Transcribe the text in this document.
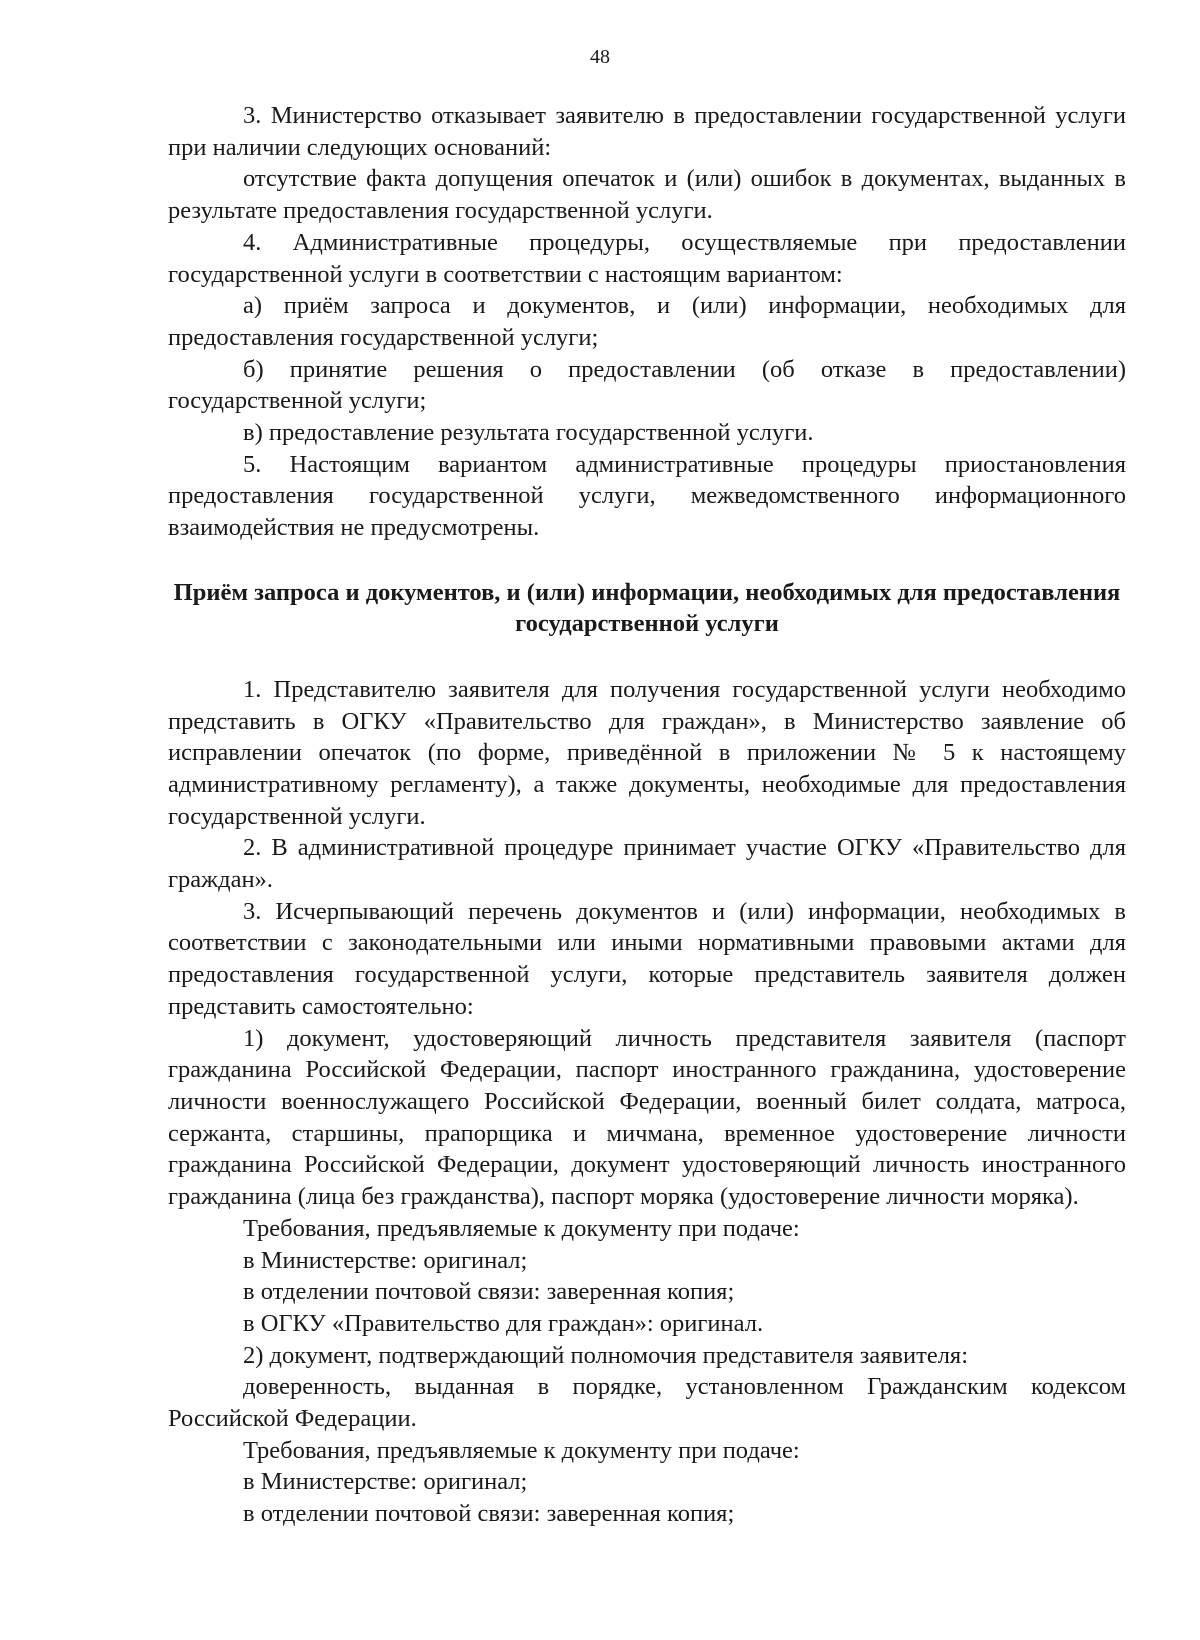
48

3. Министерство отказывает заявителю в предоставлении государственной услуги при наличии следующих оснований:

отсутствие факта допущения опечаток и (или) ошибок в документах, выданных в результате предоставления государственной услуги.

4. Административные процедуры, осуществляемые при предоставлении государственной услуги в соответствии с настоящим вариантом:

а) приём запроса и документов, и (или) информации, необходимых для предоставления государственной услуги;

б) принятие решения о предоставлении (об отказе в предоставлении) государственной услуги;

в) предоставление результата государственной услуги.

5. Настоящим вариантом административные процедуры приостановления предоставления государственной услуги, межведомственного информационного взаимодействия не предусмотрены.

Приём запроса и документов, и (или) информации, необходимых для предоставления государственной услуги

1. Представителю заявителя для получения государственной услуги необходимо представить в ОГКУ «Правительство для граждан», в Министерство заявление об исправлении опечаток (по форме, приведённой в приложении № 5 к настоящему административному регламенту), а также документы, необходимые для предоставления государственной услуги.

2. В административной процедуре принимает участие ОГКУ «Правительство для граждан».

3. Исчерпывающий перечень документов и (или) информации, необходимых в соответствии с законодательными или иными нормативными правовыми актами для предоставления государственной услуги, которые представитель заявителя должен представить самостоятельно:

1) документ, удостоверяющий личность представителя заявителя (паспорт гражданина Российской Федерации, паспорт иностранного гражданина, удостоверение личности военнослужащего Российской Федерации, военный билет солдата, матроса, сержанта, старшины, прапорщика и мичмана, временное удостоверение личности гражданина Российской Федерации, документ удостоверяющий личность иностранного гражданина (лица без гражданства), паспорт моряка (удостоверение личности моряка).

Требования, предъявляемые к документу при подаче:

в Министерстве: оригинал;

в отделении почтовой связи: заверенная копия;

в ОГКУ «Правительство для граждан»: оригинал.

2) документ, подтверждающий полномочия представителя заявителя:

доверенность, выданная в порядке, установленном Гражданским кодексом Российской Федерации.

Требования, предъявляемые к документу при подаче:

в Министерстве: оригинал;

в отделении почтовой связи: заверенная копия;
